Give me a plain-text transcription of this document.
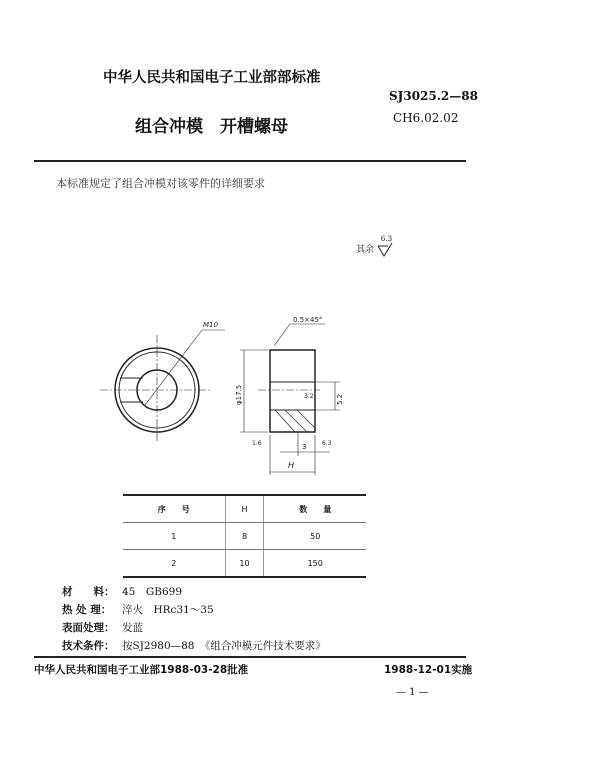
中华人民共和国电子工业部部标准
SJ3025.2—88
组合冲模　开槽螺母	CH6.02.02
本标准规定了组合冲模对该零件的详细要求
其余
6.3
M10
φ17.5	5.2
0.5×45°
H
3
1.6	6.3
3.2
序　　号	H	数　　量
1	8	50
2	10	150
材　　料： 45　GB699
热 处 理： 淬火　HRc31～35
表面处理： 发蓝
技术条件： 按SJ2980—88　《组合冲模元件技术要求》
中华人民共和国电子工业部1988-03-28批准	1988-12-01实施
— 1 —
